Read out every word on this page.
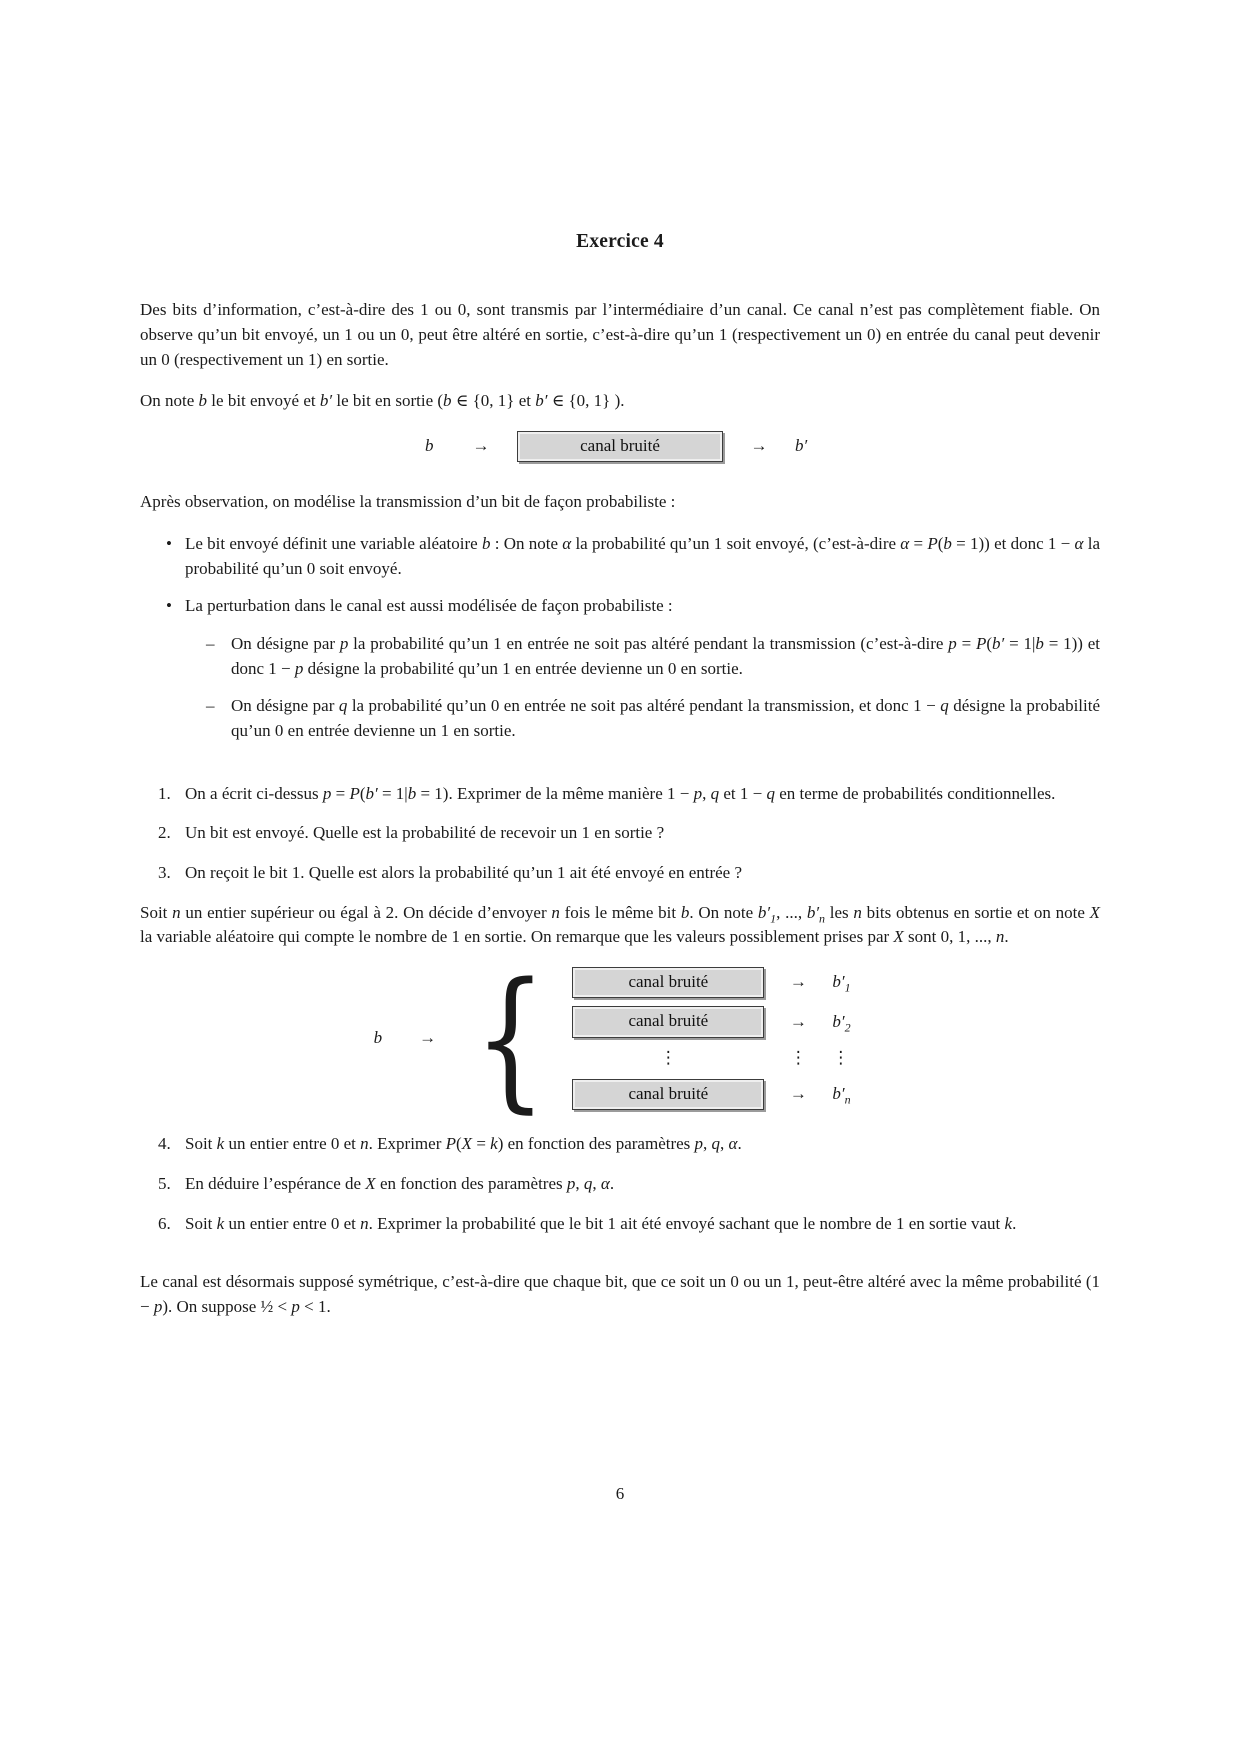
Exercice 4

Des bits d’information, c’est-à-dire des 1 ou 0, sont transmis par l’intermédiaire d’un canal. Ce canal n’est pas complètement fiable. On observe qu’un bit envoyé, un 1 ou un 0, peut être altéré en sortie, c’est-à-dire qu’un 1 (respectivement un 0) en entrée du canal peut devenir un 0 (respectivement un 1) en sortie.

On note b le bit envoyé et b′ le bit en sortie (b ∈ {0, 1} et b′ ∈ {0, 1} ).

b	→	canal bruité	→ b′

Après observation, on modélise la transmission d’un bit de façon probabiliste :

• Le bit envoyé définit une variable aléatoire b : On note α la probabilité qu’un 1 soit envoyé, (c’est-à-dire α = P(b = 1)) et donc 1 − α la probabilité qu’un 0 soit envoyé.
• La perturbation dans le canal est aussi modélisée de façon probabiliste :
– On désigne par p la probabilité qu’un 1 en entrée ne soit pas altéré pendant la transmission (c’est-à-dire p = P(b′ = 1|b = 1)) et donc 1 − p désigne la probabilité qu’un 1 en entrée devienne un 0 en sortie.
– On désigne par q la probabilité qu’un 0 en entrée ne soit pas altéré pendant la transmission, et donc 1 − q désigne la probabilité qu’un 0 en entrée devienne un 1 en sortie.
1. On a écrit ci-dessus p = P(b′ = 1|b = 1). Exprimer de la même manière 1 − p, q et 1 − q en terme de probabilités conditionnelles.
2. Un bit est envoyé. Quelle est la probabilité de recevoir un 1 en sortie ?
3. On reçoit le bit 1. Quelle est alors la probabilité qu’un 1 ait été envoyé en entrée ?

Soit n un entier supérieur ou égal à 2. On décide d’envoyer n fois le même bit b. On note $b'_1$, ..., $b'_n$ les n bits obtenus en sortie et on note X la variable aléatoire qui compte le nombre de 1 en sortie. On remarque que les valeurs possiblement prises par X sont 0, 1, ..., n.

b	→ {	canal bruité	→ $b'_1$
canal bruité	→ $b'_2$
⋮	⋮ ⋮
canal bruité	→ $b'_n$
4. Soit k un entier entre 0 et n. Exprimer P(X = k) en fonction des paramètres p, q, α.
5. En déduire l’espérance de X en fonction des paramètres p, q, α.
6. Soit k un entier entre 0 et n. Exprimer la probabilité que le bit 1 ait été envoyé sachant que le nombre de 1 en sortie vaut k.

Le canal est désormais supposé symétrique, c’est-à-dire que chaque bit, que ce soit un 0 ou un 1, peut-être altéré avec la même probabilité (1 − p). On suppose ½ < p < 1.

6
